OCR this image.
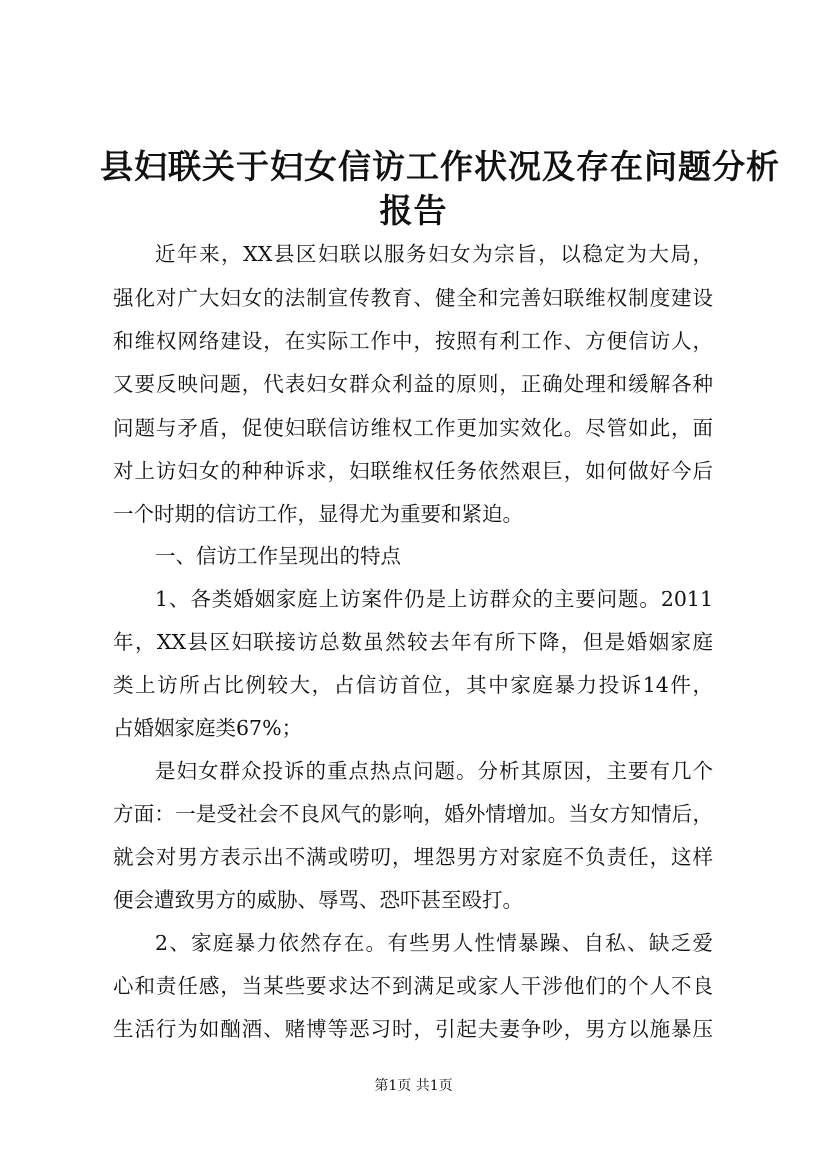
县妇联关于妇女信访工作状况及存在问题分析
报告
近年来，XX县区妇联以服务妇女为宗旨，以稳定为大局，
强化对广大妇女的法制宣传教育、健全和完善妇联维权制度建设
和维权网络建设，在实际工作中，按照有利工作、方便信访人，
又要反映问题，代表妇女群众利益的原则，正确处理和缓解各种
问题与矛盾，促使妇联信访维权工作更加实效化。尽管如此，面
对上访妇女的种种诉求，妇联维权任务依然艰巨，如何做好今后
一个时期的信访工作，显得尤为重要和紧迫。
一、信访工作呈现出的特点
1、各类婚姻家庭上访案件仍是上访群众的主要问题。2011
年，XX县区妇联接访总数虽然较去年有所下降，但是婚姻家庭
类上访所占比例较大，占信访首位，其中家庭暴力投诉14件，
占婚姻家庭类67%；
是妇女群众投诉的重点热点问题。分析其原因，主要有几个
方面：一是受社会不良风气的影响，婚外情增加。当女方知情后，
就会对男方表示出不满或唠叨，埋怨男方对家庭不负责任，这样
便会遭致男方的威胁、辱骂、恐吓甚至殴打。
2、家庭暴力依然存在。有些男人性情暴躁、自私、缺乏爱
心和责任感，当某些要求达不到满足或家人干涉他们的个人不良
生活行为如酗酒、赌博等恶习时，引起夫妻争吵，男方以施暴压
第1页 共1页
